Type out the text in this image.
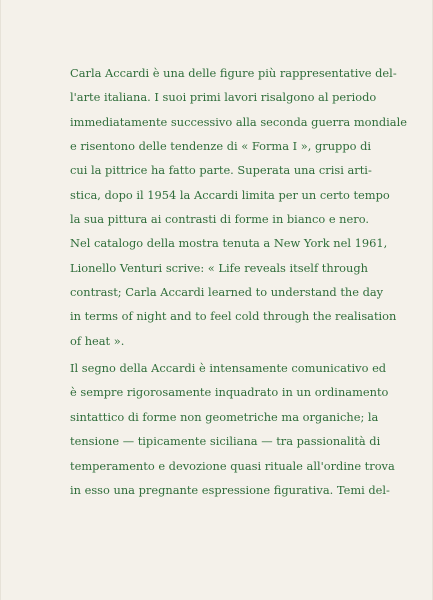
Carla Accardi è una delle figure più rappresentative del-
l'arte italiana. I suoi primi lavori risalgono al periodo
immediatamente successivo alla seconda guerra mondiale
e risentono delle tendenze di « Forma I », gruppo di
cui la pittrice ha fatto parte. Superata una crisi arti-
stica, dopo il 1954 la Accardi limita per un certo tempo
la sua pittura ai contrasti di forme in bianco e nero.
Nel catalogo della mostra tenuta a New York nel 1961,
Lionello Venturi scrive: « Life reveals itself through
contrast; Carla Accardi learned to understand the day
in terms of night and to feel cold through the realisation
of heat ».
Il segno della Accardi è intensamente comunicativo ed
è sempre rigorosamente inquadrato in un ordinamento
sintattico di forme non geometriche ma organiche; la
tensione — tipicamente siciliana — tra passionalità di
temperamento e devozione quasi rituale all'ordine trova
in esso una pregnante espressione figurativa. Temi del-
